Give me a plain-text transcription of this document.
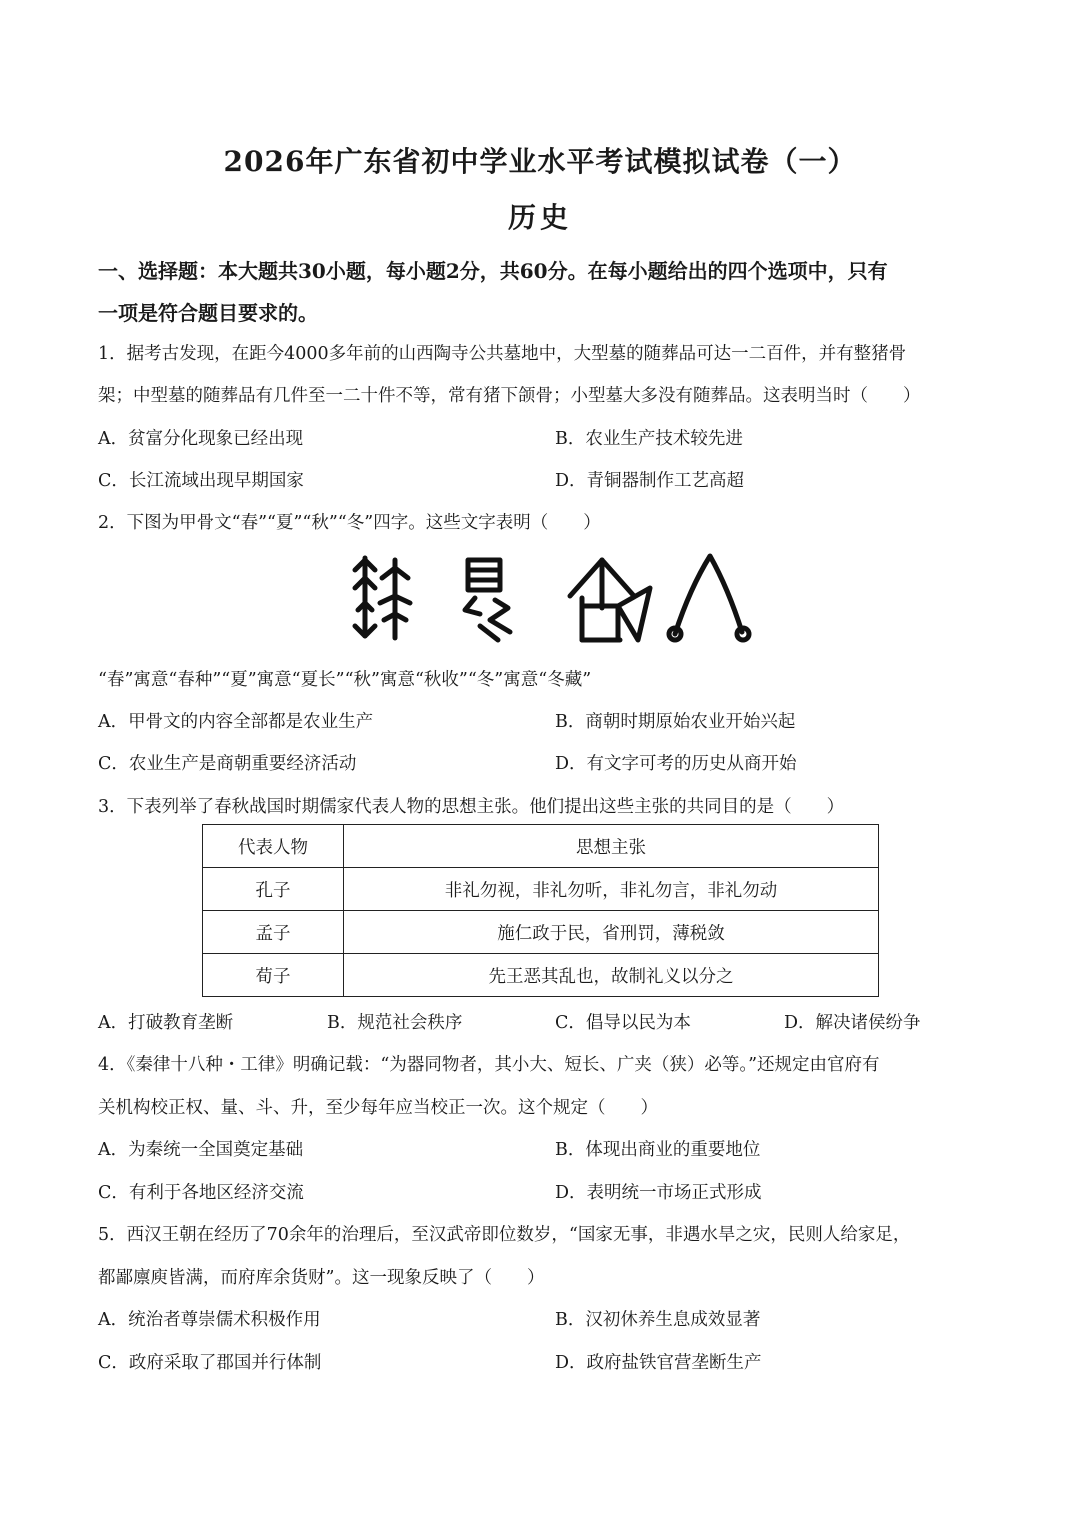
2026年广东省初中学业水平考试模拟试卷（一）
历史
一、选择题：本大题共30小题，每小题2分，共60分。在每小题给出的四个选项中，只有
一项是符合题目要求的。
1．据考古发现，在距今4000多年前的山西陶寺公共墓地中，大型墓的随葬品可达一二百件，并有整猪骨
架；中型墓的随葬品有几件至一二十件不等，常有猪下颌骨；小型墓大多没有随葬品。这表明当时（　　）
A．贫富分化现象已经出现	B．农业生产技术较先进
C．长江流域出现早期国家	D．青铜器制作工艺高超
2．下图为甲骨文“春”“夏”“秋”“冬”四字。这些文字表明（　　）
“春”寓意“春种”“夏”寓意“夏长”“秋”寓意“秋收”“冬”寓意“冬藏”
A．甲骨文的内容全部都是农业生产	B．商朝时期原始农业开始兴起
C．农业生产是商朝重要经济活动	D．有文字可考的历史从商开始
3．下表列举了春秋战国时期儒家代表人物的思想主张。他们提出这些主张的共同目的是（　　）
代表人物	思想主张
孔子	非礼勿视，非礼勿听，非礼勿言，非礼勿动
孟子	施仁政于民，省刑罚，薄税敛
荀子	先王恶其乱也，故制礼义以分之
A．打破教育垄断	B．规范社会秩序	C．倡导以民为本	D．解决诸侯纷争
4．《秦律十八种・工律》明确记载：“为器同物者，其小大、短长、广夹（狭）必等。”还规定由官府有
关机构校正权、量、斗、升，至少每年应当校正一次。这个规定（　　）
A．为秦统一全国奠定基础	B．体现出商业的重要地位
C．有利于各地区经济交流	D．表明统一市场正式形成
5．西汉王朝在经历了70余年的治理后，至汉武帝即位数岁，“国家无事，非遇水旱之灾，民则人给家足，
都鄙廪庾皆满，而府库余货财”。这一现象反映了（　　）
A．统治者尊崇儒术积极作用	B．汉初休养生息成效显著
C．政府采取了郡国并行体制	D．政府盐铁官营垄断生产
